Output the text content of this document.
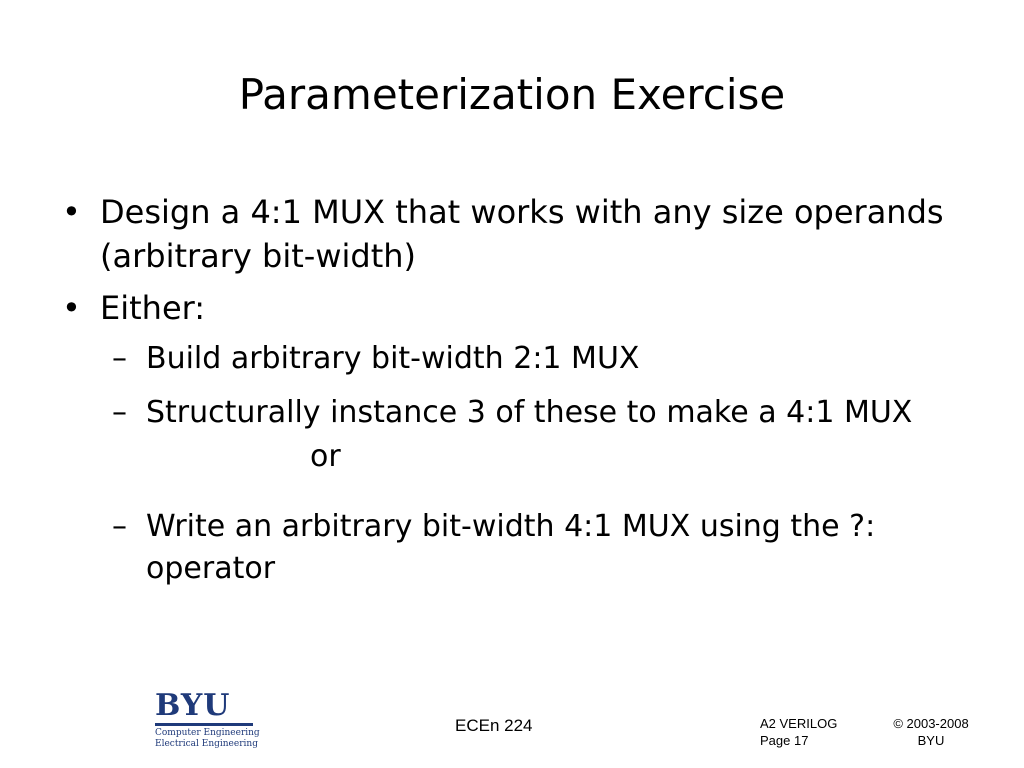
Parameterization Exercise
• Design a 4:1 MUX that works with any size operands (arbitrary bit-width)
• Either:
– Build arbitrary bit-width 2:1 MUX
– Structurally instance 3 of these to make a 4:1 MUX
or
– Write an arbitrary bit-width 4:1 MUX using the ?: operator
BYU
Computer Engineering
Electrical Engineering
ECEn 224	A2 VERILOG
Page 17
© 2003-2008
BYU
